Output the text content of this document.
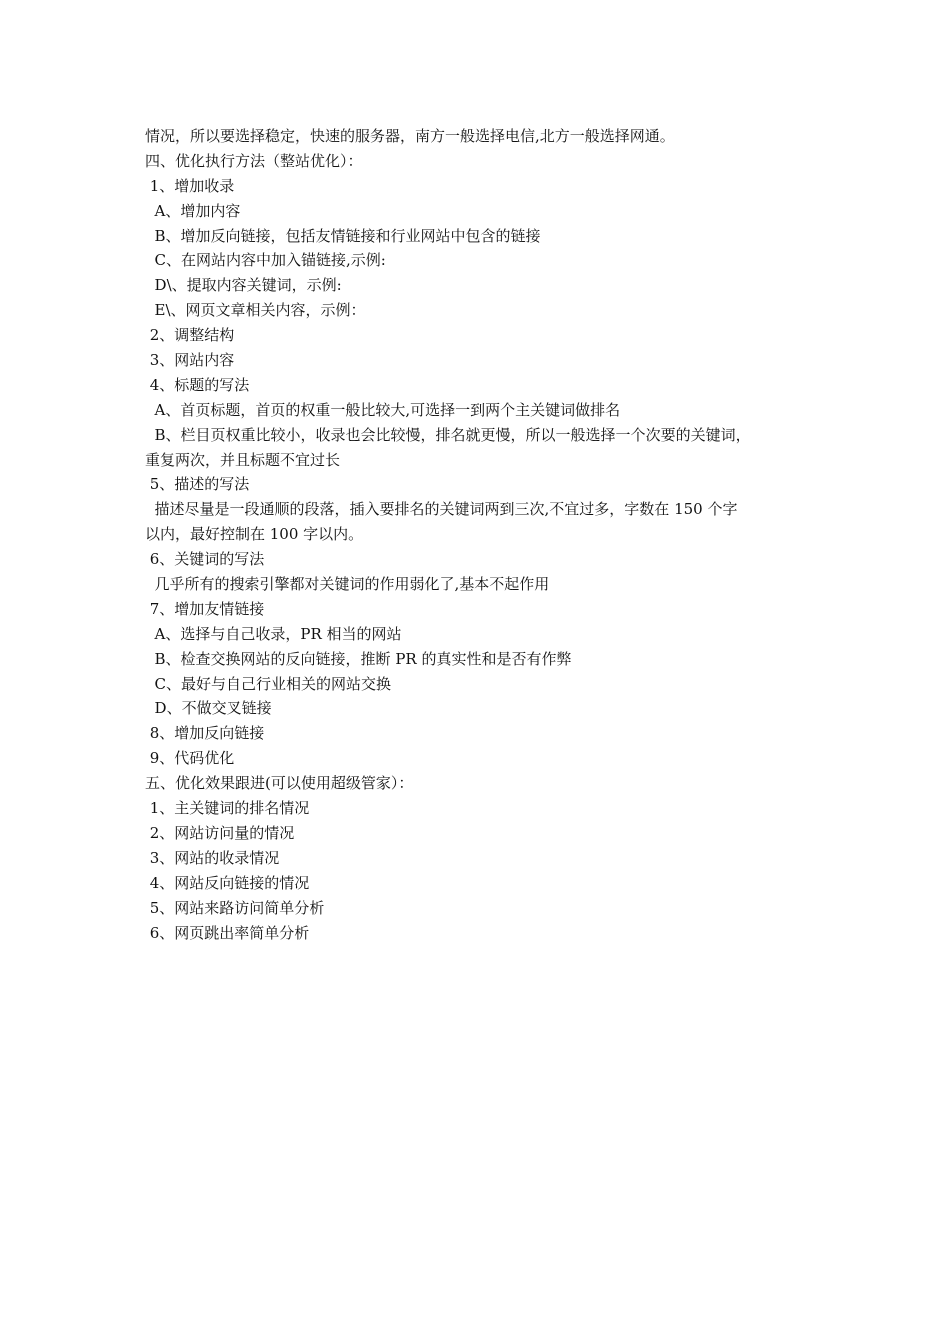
情况，所以要选择稳定，快速的服务器，南方一般选择电信,北方一般选择网通。
四、优化执行方法（整站优化）：
1、增加收录
A、增加内容
B、增加反向链接，包括友情链接和行业网站中包含的链接
C、在网站内容中加入锚链接,示例:
D\、提取内容关键词，示例:
E\、网页文章相关内容，示例：
2、调整结构
3、网站内容
4、标题的写法
A、首页标题，首页的权重一般比较大,可选择一到两个主关键词做排名
B、栏目页权重比较小，收录也会比较慢，排名就更慢，所以一般选择一个次要的关键词，
重复两次，并且标题不宜过长
5、描述的写法
描述尽量是一段通顺的段落，插入要排名的关键词两到三次,不宜过多，字数在 150 个字
以内，最好控制在 100 字以内。
6、关键词的写法
几乎所有的搜索引擎都对关键词的作用弱化了,基本不起作用
7、增加友情链接
A、选择与自己收录，PR 相当的网站
B、检查交换网站的反向链接，推断 PR 的真实性和是否有作弊
C、最好与自己行业相关的网站交换
D、不做交叉链接
8、增加反向链接
9、代码优化
五、优化效果跟进(可以使用超级管家）：
1、主关键词的排名情况
2、网站访问量的情况
3、网站的收录情况
4、网站反向链接的情况
5、网站来路访问简单分析
6、网页跳出率简单分析
